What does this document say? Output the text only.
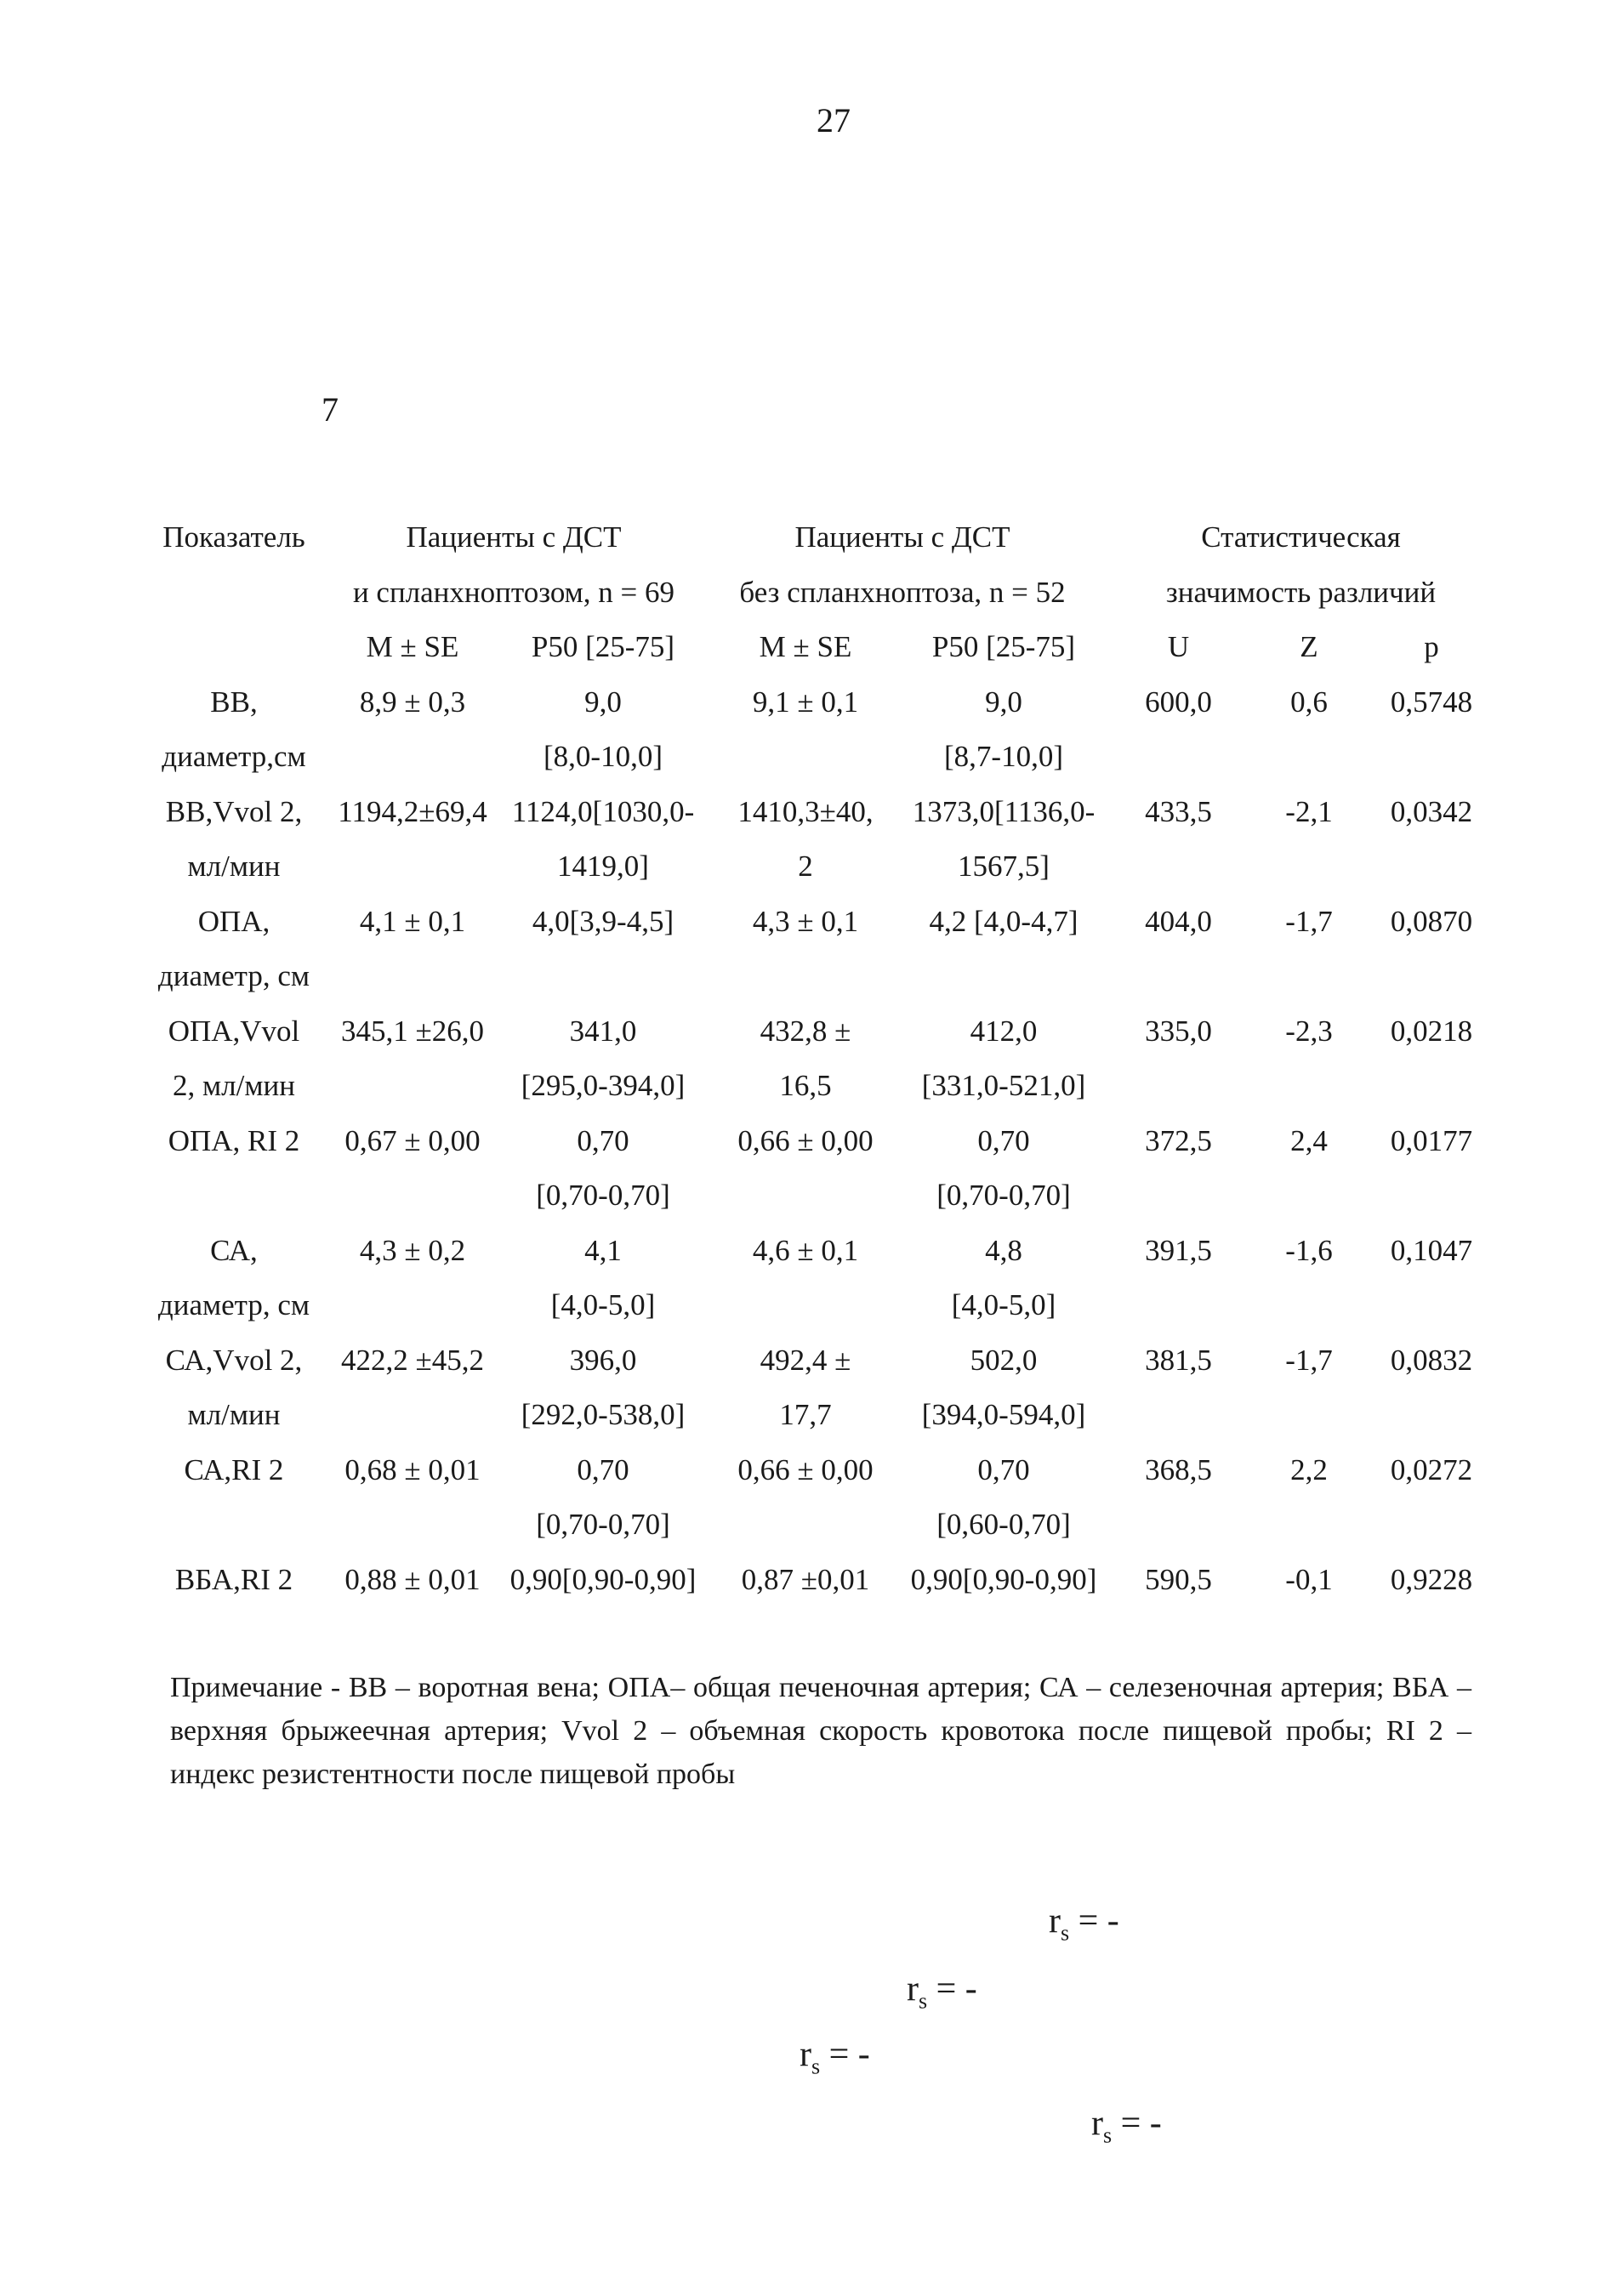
27
7
Показатель	Пациенты с ДСТ		Пациенты с ДСТ		Статистическая		
	и спланхноптозом, n = 69		без спланхноптоза, n = 52		значимость различий		
	M ± SE	P50 [25-75]	M ± SE	P50 [25-75]	U	Z	p
ВВ,	8,9 ± 0,3	9,0	9,1 ± 0,1	9,0	600,0	0,6	0,5748
диаметр,см		[8,0-10,0]		[8,7-10,0]			
ВВ,Vvol 2,	1194,2±69,4	1124,0[1030,0-	1410,3±40,	1373,0[1136,0-	433,5	-2,1	0,0342
мл/мин		1419,0]	2	1567,5]			
ОПА,	4,1 ± 0,1	4,0[3,9-4,5]	4,3 ± 0,1	4,2 [4,0-4,7]	404,0	-1,7	0,0870
диаметр, см							
ОПА,Vvol	345,1 ±26,0	341,0	432,8 ±	412,0	335,0	-2,3	0,0218
2, мл/мин		[295,0-394,0]	16,5	[331,0-521,0]			
ОПА, RI 2	0,67 ± 0,00	0,70	0,66 ± 0,00	0,70	372,5	2,4	0,0177
		[0,70-0,70]		[0,70-0,70]			
СА,	4,3 ± 0,2	4,1	4,6 ± 0,1	4,8	391,5	-1,6	0,1047
диаметр, см		[4,0-5,0]		[4,0-5,0]			
СА,Vvol 2,	422,2 ±45,2	396,0	492,4 ±	502,0	381,5	-1,7	0,0832
мл/мин		[292,0-538,0]	17,7	[394,0-594,0]			
СА,RI 2	0,68 ± 0,01	0,70	0,66 ± 0,00	0,70	368,5	2,2	0,0272
		[0,70-0,70]		[0,60-0,70]			
ВБА,RI 2	0,88 ± 0,01	0,90[0,90-0,90]	0,87 ±0,01	0,90[0,90-0,90]	590,5	-0,1	0,9228

Примечание - ВВ – воротная вена; ОПА– общая печеночная артерия; СА – селезеночная артерия; ВБА – верхняя брыжеечная артерия; Vvol 2 – объемная скорость кровотока после пищевой пробы; RI 2 – индекс резистентности после пищевой пробы

$r_s$ = -
$r_s$ = -
$r_s$ = -
$r_s$ = -
